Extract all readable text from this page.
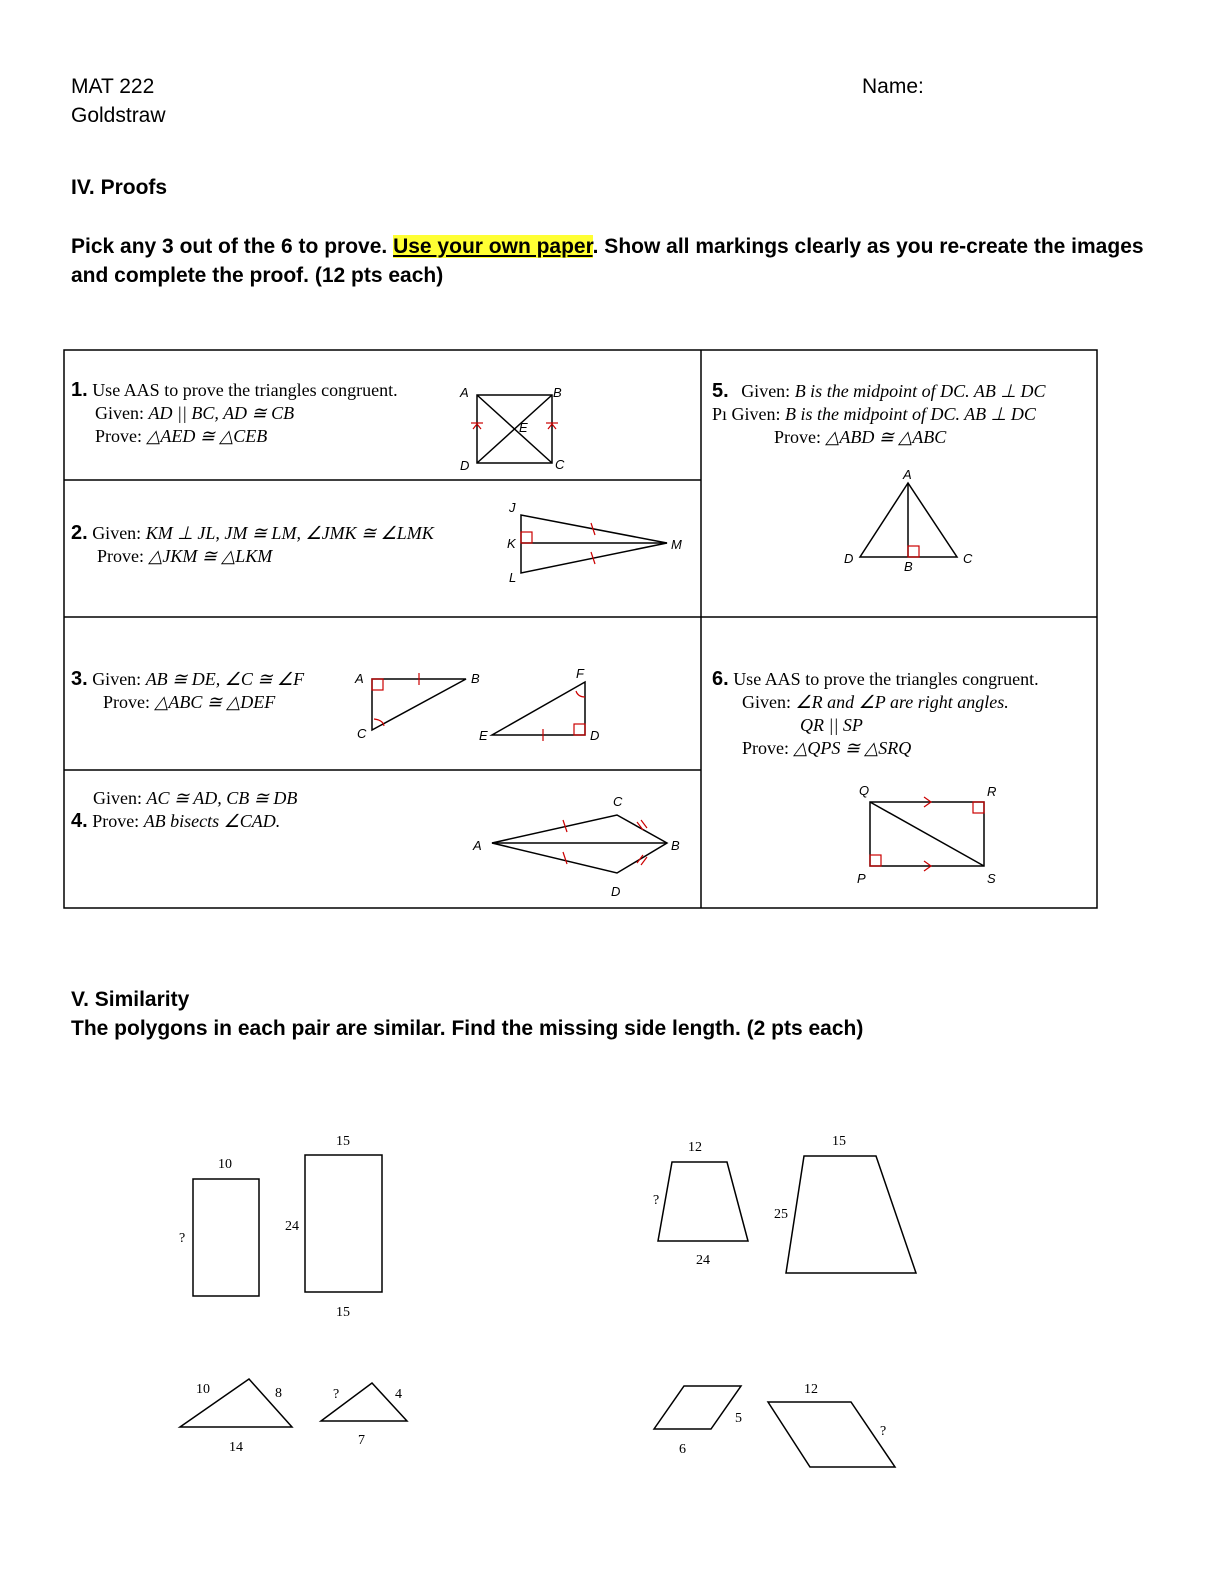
MAT 222
Goldstraw
Name:
IV. Proofs
Pick any 3 out of the 6 to prove. Use your own paper. Show all markings clearly as you re-create the images and complete the proof. (12 pts each)
1. Use AAS to prove the triangles congruent.
Given: AD || BC, AD ≅ CB
Prove: △AED ≅ △CEB
2. Given: KM ⊥ JL, JM ≅ LM, ∠JMK ≅ ∠LMK
Prove: △JKM ≅ △LKM
3. Given: AB ≅ DE, ∠C ≅ ∠F
Prove: △ABC ≅ △DEF
Given: AC ≅ AD, CB ≅ DB
4. Prove: AB bisects ∠CAD.
5. Given: B is the midpoint of DC. AB ⊥ DC
Pı Given: B is the midpoint of DC. AB ⊥ DC
Prove: △ABD ≅ △ABC
6. Use AAS to prove the triangles congruent.
Given: ∠R and ∠P are right angles.
QR || SP
Prove: △QPS ≅ △SRQ
A	B
C
D
E
J
K
L
M
A	B
C	D
E
F
A	B
C
D
A
B
C
D
P
Q	R
S
V. Similarity
The polygons in each pair are similar. Find the missing side length. (2 pts each)
10
?
24
15
15
12
?
24
25
15
10	8
14
?	4
7
6
5
12
?
